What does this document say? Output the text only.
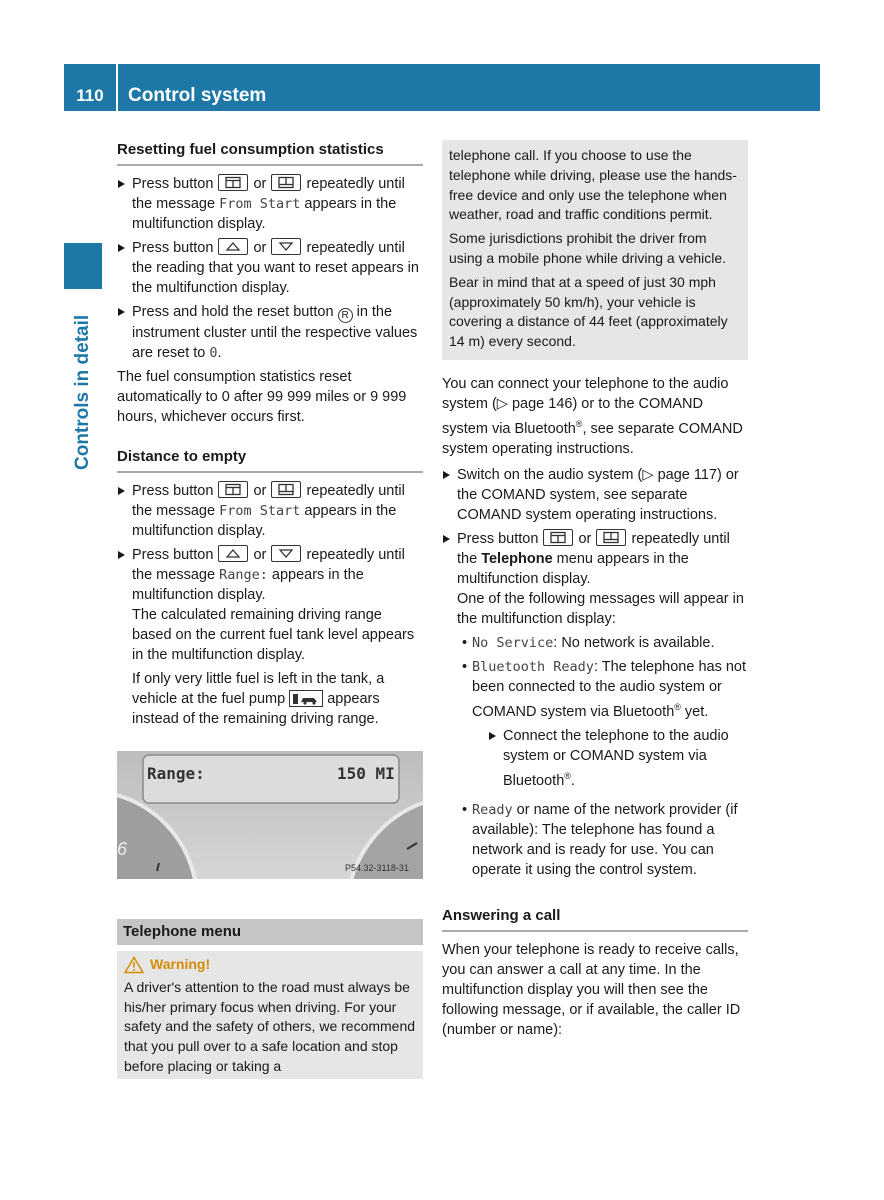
110	Control system
Controls in detail
Resetting fuel consumption statistics
Press button	or	repeatedly until the message From Start appears in the multifunction display.
Press button	or	repeatedly until the reading that you want to reset appears in the multifunction display.
Press and hold the reset button R in the instrument cluster until the respective values are reset to 0.

The fuel consumption statistics reset automatically to 0 after 99 999 miles or 9 999 hours, whichever occurs first.

Distance to empty
Press button	or	repeatedly until the message From Start appears in the multifunction display.
Press button	or	repeatedly until the message Range: appears in the multifunction display.
The calculated remaining driving range based on the current fuel tank level appears in the multifunction display.
If only very little fuel is left in the tank, a vehicle at the fuel pump	appears instead of the remaining driving range.
Range:	150 MI
6
P54.32-3118-31
Telephone menu
Warning!
A driver's attention to the road must always be his/her primary focus when driving. For your safety and the safety of others, we recommend that you pull over to a safe location and stop before placing or taking a

telephone call. If you choose to use the telephone while driving, please use the hands-free device and only use the telephone when weather, road and traffic conditions permit.

Some jurisdictions prohibit the driver from using a mobile phone while driving a vehicle.

Bear in mind that at a speed of just 30 mph (approximately 50 km/h), your vehicle is covering a distance of 44 feet (approximately 14 m) every second.

You can connect your telephone to the audio system (▷ page 146) or to the COMAND system via Bluetooth®, see separate COMAND system operating instructions.

Switch on the audio system (▷ page 117) or the COMAND system, see separate COMAND system operating instructions.
Press button	or	repeatedly until the Telephone menu appears in the multifunction display.
One of the following messages will appear in the multifunction display:
• No Service: No network is available.
• Bluetooth Ready: The telephone has not been connected to the audio system or COMAND system via Bluetooth® yet.
Connect the telephone to the audio system or COMAND system via Bluetooth®.
• Ready or name of the network provider (if available): The telephone has found a network and is ready for use. You can operate it using the control system.
Answering a call

When your telephone is ready to receive calls, you can answer a call at any time. In the multifunction display you will then see the following message, or if available, the caller ID (number or name):
